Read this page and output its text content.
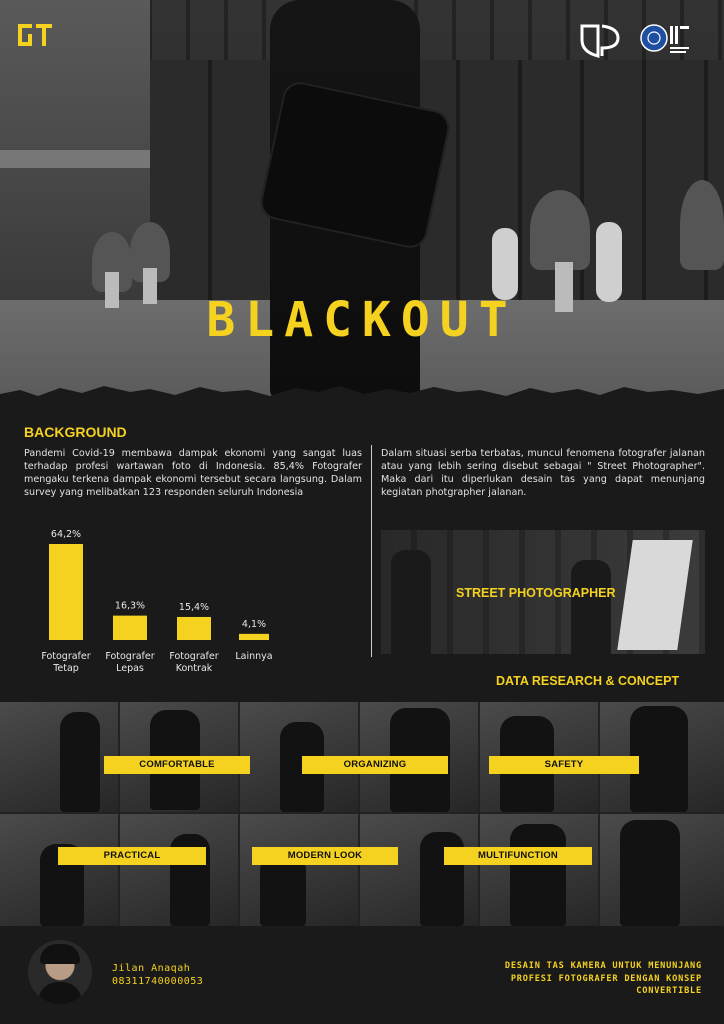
BLACKOUT
BACKGROUND
Pandemi Covid-19 membawa dampak ekonomi yang sangat luas terhadap profesi wartawan foto di Indonesia. 85,4% Fotografer mengaku terkena dampak ekonomi tersebut secara langsung. Dalam survey yang melibatkan 123 responden seluruh Indonesia
Dalam situasi serba terbatas, muncul fenomena fotografer jalanan atau yang lebih sering disebut sebagai " Street Photographer". Maka dari itu diperlukan desain tas yang dapat menunjang kegiatan photgrapher jalanan.
64,2%
Fotografer
Tetap
16,3%
Fotografer
Lepas
15,4%
Fotografer
Kontrak
4,1%
Lainnya
STREET PHOTOGRAPHER
DATA RESEARCH & CONCEPT
COMFORTABLE	ORGANIZING	SAFETY
PRACTICAL	MODERN LOOK	MULTIFUNCTION
Jilan Anaqah
08311740000053
DESAIN TAS KAMERA UNTUK MENUNJANG
PROFESI FOTOGRAFER DENGAN KONSEP
CONVERTIBLE
